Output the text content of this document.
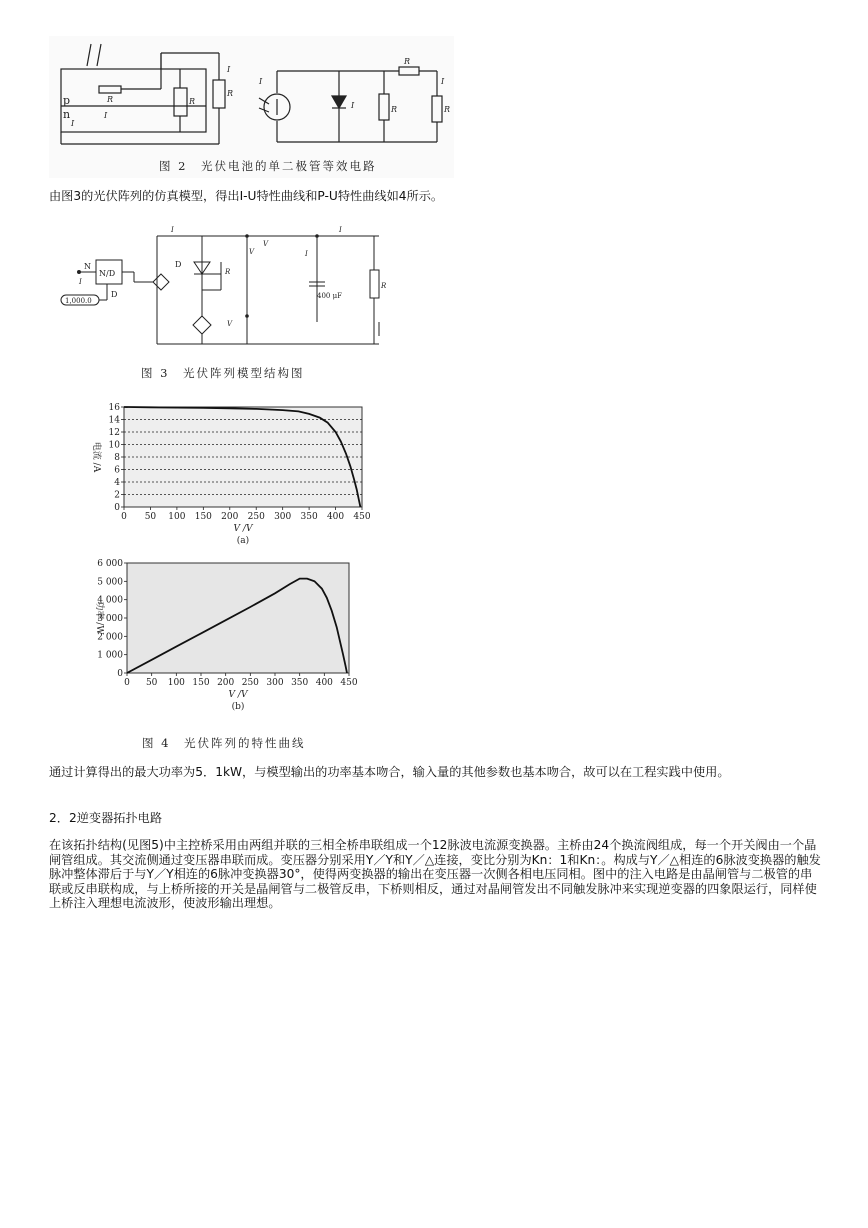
p
n
R	R
R
I
I
I
I
I	R
R
I
R
图 2　光伏电池的单二极管等效电路

由图3的光伏阵列的仿真模型，得出I-U特性曲线和P-U特性曲线如4所示。

N
N/D
D
1,000.0
I
D
R
V
I
V
V
I
I
400 μF
R
图 3　光伏阵列模型结构图
0
2
4
6
8
10
12
14
16
0 50 100 150 200 250 300 350 400 450
V /V
(a)
电流 /A
0
1 000
2 000
3 000
4 000
5 000
6 000
0 50 100 150 200 250 300 350 400 450
V /V
(b)
功率 /W
图 4　光伏阵列的特性曲线

通过计算得出的最大功率为5．1kW，与模型输出的功率基本吻合，输入量的其他参数也基本吻合，故可以在工程实践中使用。

2．2逆变器拓扑电路

在该拓扑结构(见图5)中主控桥采用由两组并联的三相全桥串联组成一个12脉波电流源变换器。主桥由24个换流阀组成，每一个开关阀由一个晶闸管组成。其交流侧通过变压器串联而成。变压器分别采用Y／Y和Y／△连接，变比分别为Kn：1和Kn：。构成与Y／△相连的6脉波变换器的触发脉冲整体滞后于与Y／Y相连的6脉冲变换器30°，使得两变换器的输出在变压器一次侧各相电压同相。图中的注入电路是由晶闸管与二极管的串联或反串联构成，与上桥所接的开关是晶闸管与二极管反串，下桥则相反，通过对晶闸管发出不同触发脉冲来实现逆变器的四象限运行，同样使上桥注入理想电流波形，使波形输出理想。
